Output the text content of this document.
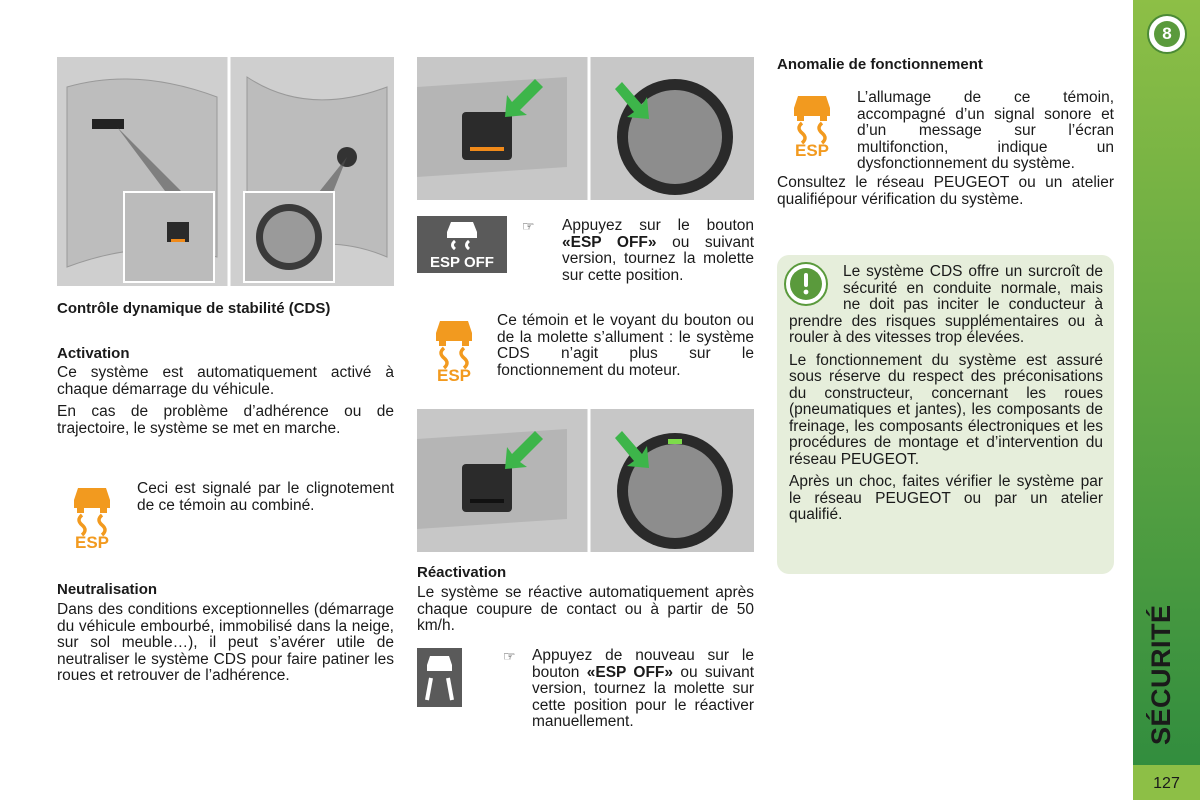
8
SÉCURITÉ
127
Contrôle dynamique de stabilité (CDS)
Activation

Ce système est automatiquement activé à chaque démarrage du véhicule.

En cas de problème d’adhérence ou de trajectoire, le système se met en marche.

ESP
Ceci est signalé par le clignotement de ce témoin au combiné.
Neutralisation
Dans des conditions exceptionnelles (démarrage du véhicule embourbé, immobilisé dans la neige, sur sol meuble…), il peut s’avérer utile de neutraliser le système CDS pour faire patiner les roues et retrouver de l’adhérence.
ESP OFF
☞ Appuyez sur le bouton «ESP OFF» ou suivant version, tournez la molette sur cette position.
ESP
Ce témoin et le voyant du bouton ou de la molette s’allument : le système CDS n’agit plus sur le fonctionnement du moteur.
Réactivation
Le système se réactive automatiquement après chaque coupure de contact ou à partir de 50 km/h.
☞ Appuyez de nouveau sur le bouton «ESP OFF» ou suivant version, tournez la molette sur cette position pour le réactiver manuellement.
Anomalie de fonctionnement
ESP
L’allumage de ce témoin, accompagné d’un signal sonore et d’un message sur l’écran multifonction, indique un dysfonctionnement du système.
Consultez le réseau PEUGEOT ou un atelier qualifiépour vérification du système.
Le système CDS offre un surcroît de sécurité en conduite normale, mais ne doit pas inciter le conducteur à prendre des risques supplémentaires ou à rouler à des vitesses trop élevées.

Le fonctionnement du système est assuré sous réserve du respect des préconisations du constructeur, concernant les roues (pneumatiques et jantes), les composants de freinage, les composants électroniques et les procédures de montage et d’intervention du réseau PEUGEOT.

Après un choc, faites vérifier le système par le réseau PEUGEOT ou par un atelier qualifié.
